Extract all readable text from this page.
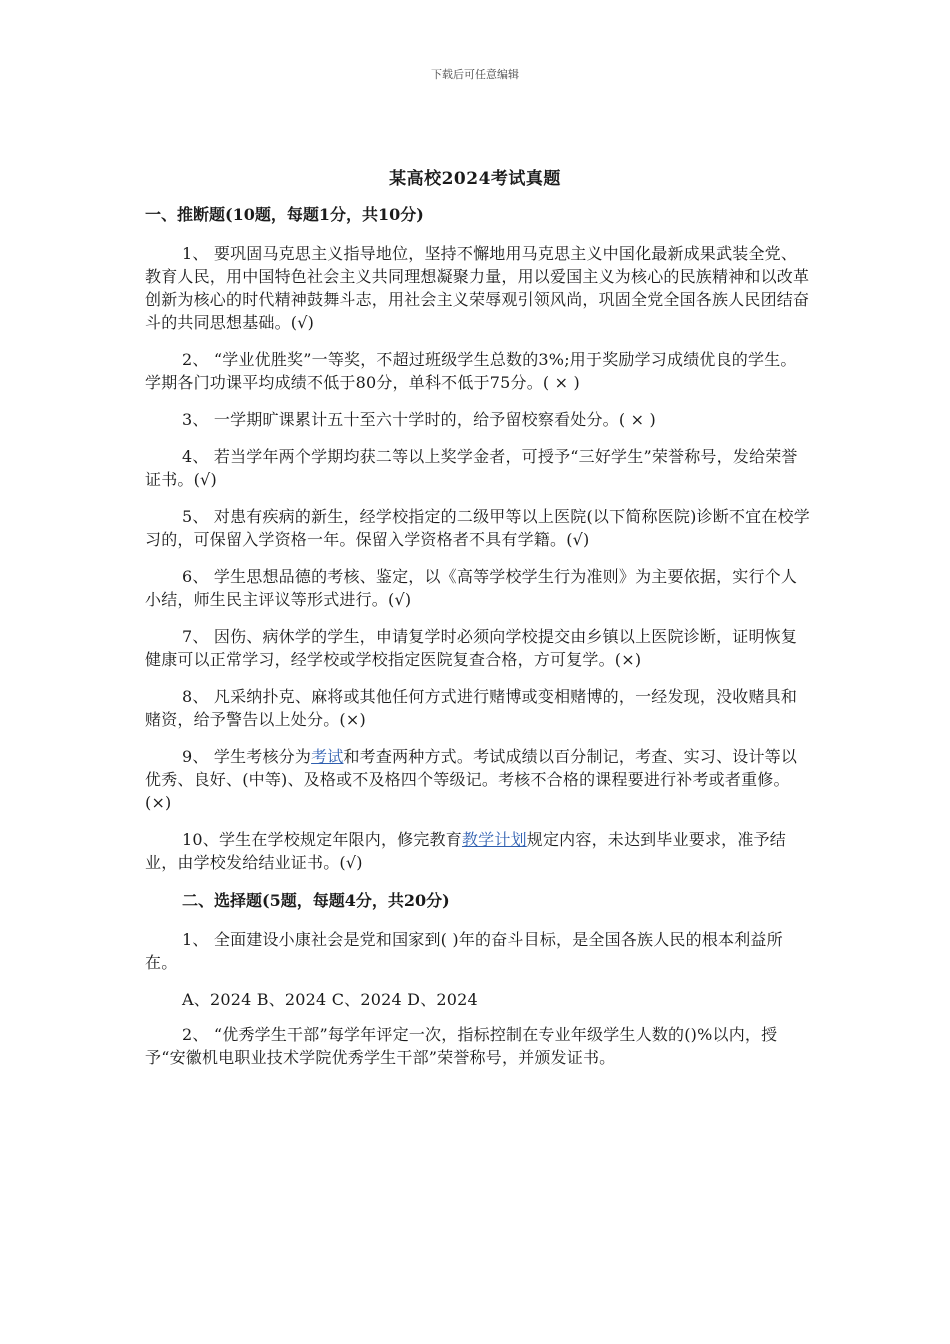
下载后可任意编辑
某高校2024考试真题
一、推断题(10题，每题1分，共10分)

1、 要巩固马克思主义指导地位，坚持不懈地用马克思主义中国化最新成果武装全党、教育人民，用中国特色社会主义共同理想凝聚力量，用以爱国主义为核心的民族精神和以改革创新为核心的时代精神鼓舞斗志，用社会主义荣辱观引领风尚，巩固全党全国各族人民团结奋斗的共同思想基础。(√)

2、 “学业优胜奖”一等奖，不超过班级学生总数的3%;用于奖励学习成绩优良的学生。学期各门功课平均成绩不低于80分，单科不低于75分。( × )

3、 一学期旷课累计五十至六十学时的，给予留校察看处分。( × )

4、 若当学年两个学期均获二等以上奖学金者，可授予“三好学生”荣誉称号，发给荣誉证书。(√)

5、 对患有疾病的新生，经学校指定的二级甲等以上医院(以下简称医院)诊断不宜在校学习的，可保留入学资格一年。保留入学资格者不具有学籍。(√)

6、 学生思想品德的考核、鉴定，以《高等学校学生行为准则》为主要依据，实行个人小结，师生民主评议等形式进行。(√)

7、 因伤、病休学的学生，申请复学时必须向学校提交由乡镇以上医院诊断，证明恢复健康可以正常学习，经学校或学校指定医院复查合格，方可复学。(×)

8、 凡采纳扑克、麻将或其他任何方式进行赌博或变相赌博的，一经发现，没收赌具和赌资，给予警告以上处分。(×)

9、 学生考核分为考试和考查两种方式。考试成绩以百分制记，考查、实习、设计等以优秀、良好、(中等)、及格或不及格四个等级记。考核不合格的课程要进行补考或者重修。(×)

10、学生在学校规定年限内，修完教育教学计划规定内容，未达到毕业要求，准予结业，由学校发给结业证书。(√)

二、选择题(5题，每题4分，共20分)

1、 全面建设小康社会是党和国家到( )年的奋斗目标，是全国各族人民的根本利益所在。

A、2024 B、2024 C、2024 D、2024

2、 “优秀学生干部”每学年评定一次，指标控制在专业年级学生人数的()%以内，授予“安徽机电职业技术学院优秀学生干部”荣誉称号，并颁发证书。
